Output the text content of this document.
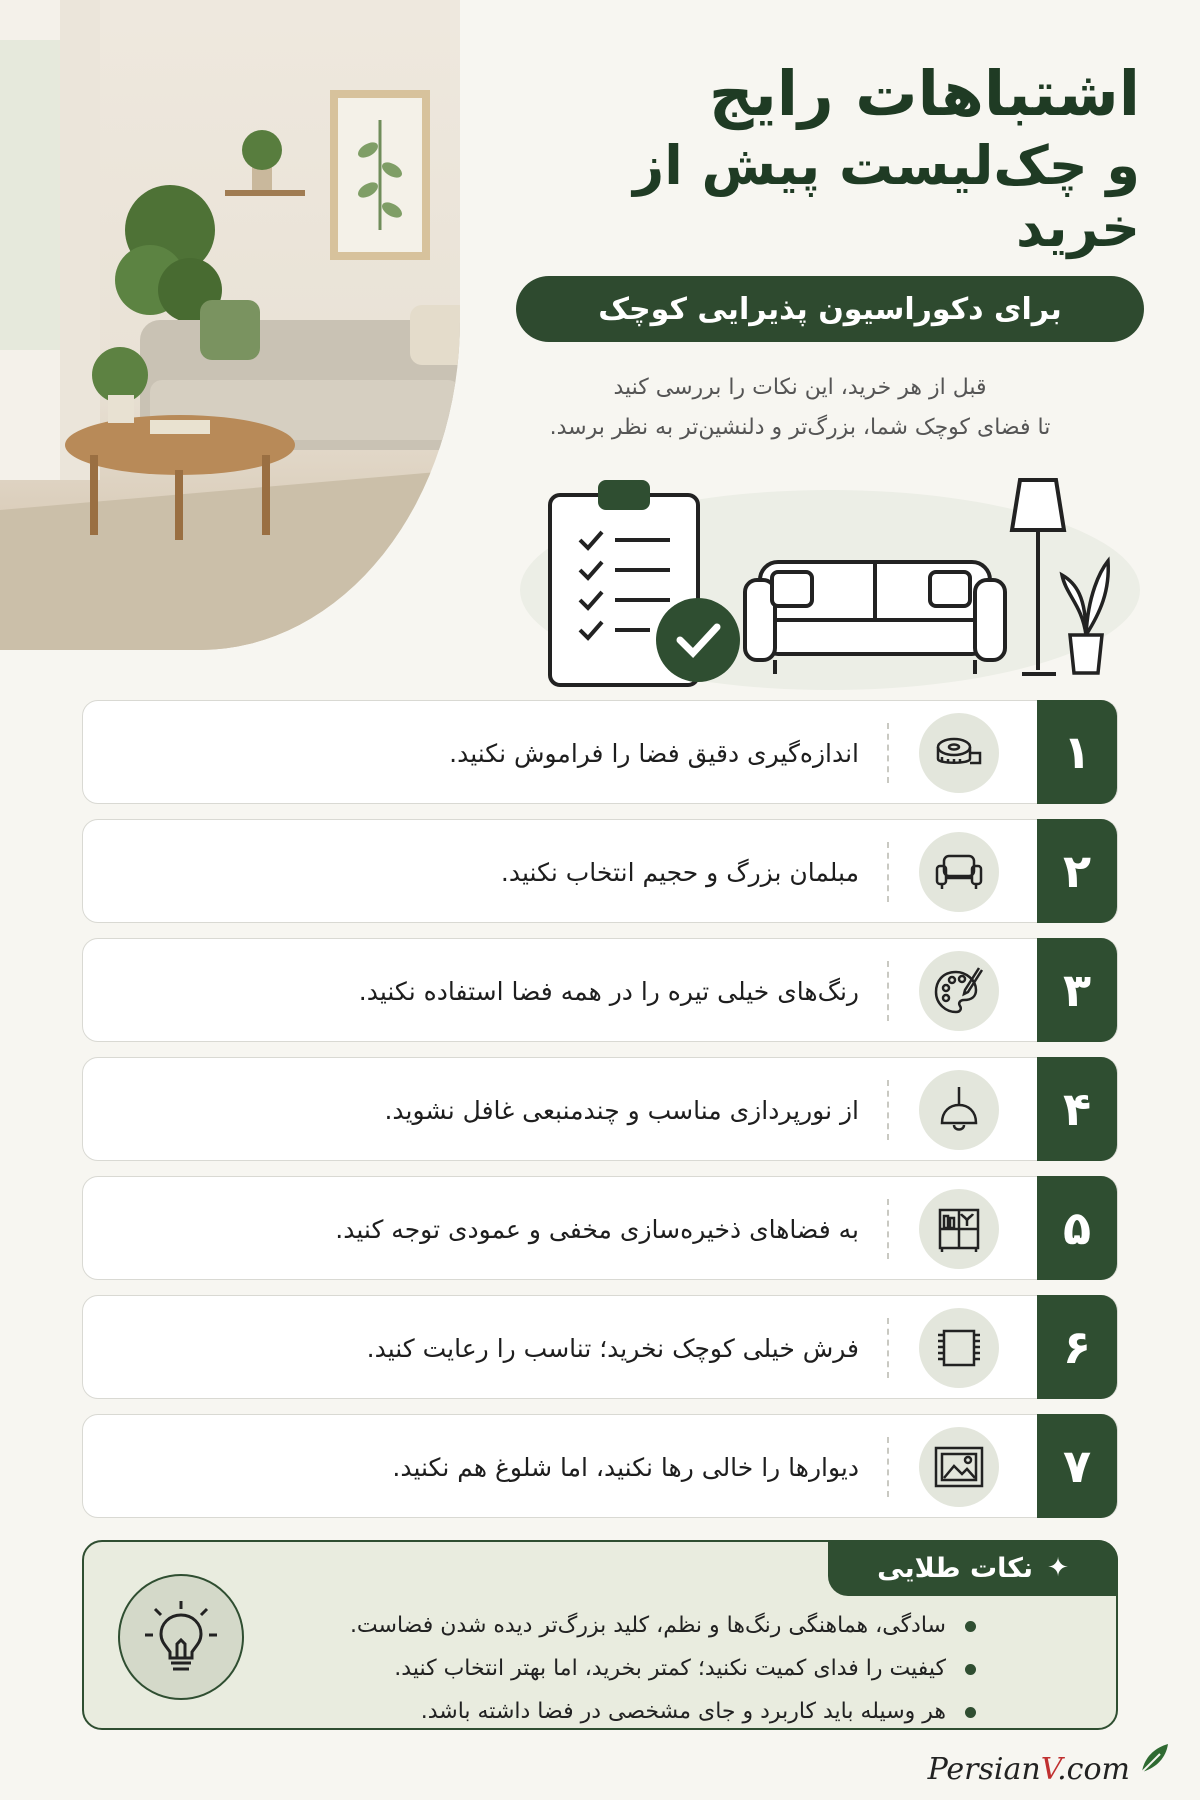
اشتباهات رایج
و چک‌لیست پیش از خرید
برای دکوراسیون پذیرایی کوچک
قبل از هر خرید، این نکات را بررسی کنید
تا فضای کوچک شما، بزرگ‌تر و دلنشین‌تر به نظر برسد.
۱
اندازه‌گیری دقیق فضا را فراموش نکنید.
۲
مبلمان بزرگ و حجیم انتخاب نکنید.
۳
رنگ‌های خیلی تیره را در همه فضا استفاده نکنید.
۴
از نورپردازی مناسب و چندمنبعی غافل نشوید.
۵
به فضاهای ذخیره‌سازی مخفی و عمودی توجه کنید.
۶
فرش خیلی کوچک نخرید؛ تناسب را رعایت کنید.
۷
دیوارها را خالی رها نکنید، اما شلوغ هم نکنید.
✦
نکات طلایی
سادگی، هماهنگی رنگ‌ها و نظم، کلید بزرگ‌تر دیده شدن فضاست.
کیفیت را فدای کمیت نکنید؛ کمتر بخرید، اما بهتر انتخاب کنید.
هر وسیله باید کاربرد و جای مشخصی در فضا داشته باشد.
PersianV.com
